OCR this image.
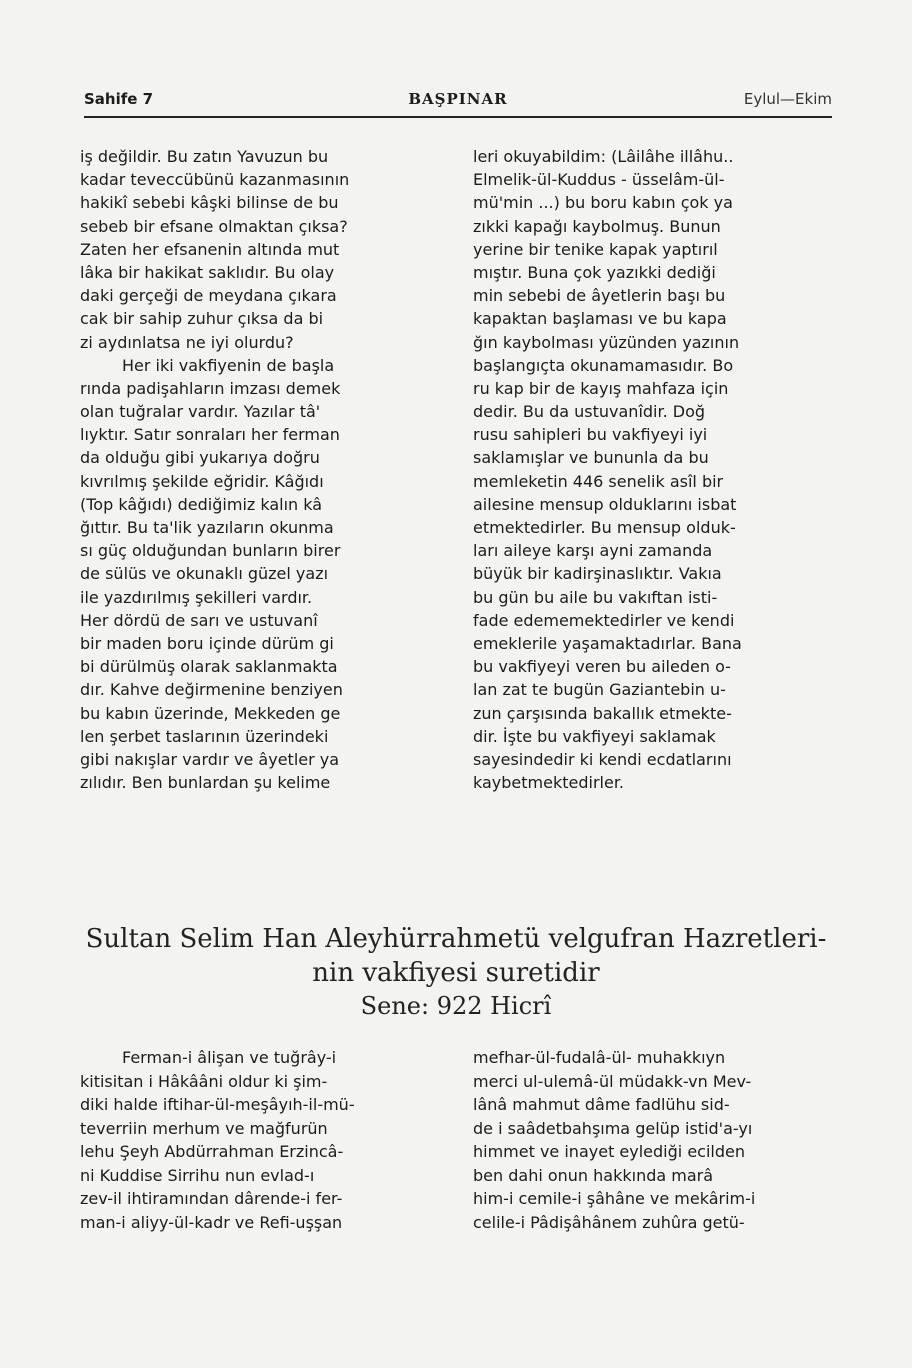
Sahife 7	BAŞPINAR	Eylul—Ekim
iş değildir. Bu zatın Yavuzun bu
kadar teveccübünü kazanmasının
hakikî sebebi kâşki bilinse de bu
sebeb bir efsane olmaktan çıksa?
Zaten her efsanenin altında mut
lâka bir hakikat saklıdır. Bu olay
daki gerçeği de meydana çıkara
cak bir sahip zuhur çıksa da bi
zi aydınlatsa ne iyi olurdu?
Her iki vakfiyenin de başla
rında padişahların imzası demek
olan tuğralar vardır. Yazılar tâ'
lıyktır. Satır sonraları her ferman
da olduğu gibi yukarıya doğru
kıvrılmış şekilde eğridir. Kâğıdı
(Top kâğıdı) dediğimiz kalın kâ
ğıttır. Bu ta'lik yazıların okunma
sı güç olduğundan bunların birer
de sülüs ve okunaklı güzel yazı
ile yazdırılmış şekilleri vardır.
Her dördü de sarı ve ustuvanî
bir maden boru içinde dürüm gi
bi dürülmüş olarak saklanmakta
dır. Kahve değirmenine benziyen
bu kabın üzerinde, Mekkeden ge
len şerbet taslarının üzerindeki
gibi nakışlar vardır ve âyetler ya
zılıdır. Ben bunlardan şu kelime
leri okuyabildim: (Lâilâhe illâhu..
Elmelik-ül-Kuddus - üsselâm-ül-
mü'min ...) bu boru kabın çok ya
zıkki kapağı kaybolmuş. Bunun
yerine bir tenike kapak yaptırıl
mıştır. Buna çok yazıkki dediği
min sebebi de âyetlerin başı bu
kapaktan başlaması ve bu kapa
ğın kaybolması yüzünden yazının
başlangıçta okunamamasıdır. Bo
ru kap bir de kayış mahfaza için
dedir. Bu da ustuvanîdir. Doğ
rusu sahipleri bu vakfiyeyi iyi
saklamışlar ve bununla da bu
memleketin 446 senelik asîl bir
ailesine mensup olduklarını isbat
etmektedirler. Bu mensup olduk-
ları aileye karşı ayni zamanda
büyük bir kadirşinaslıktır. Vakıa
bu gün bu aile bu vakıftan isti-
fade edememektedirler ve kendi
emeklerile yaşamaktadırlar. Bana
bu vakfiyeyi veren bu aileden o-
lan zat te bugün Gaziantebin u-
zun çarşısında bakallık etmekte-
dir. İşte bu vakfiyeyi saklamak
sayesindedir ki kendi ecdatlarını
kaybetmektedirler.
Sultan Selim Han Aleyhürrahmetü velgufran Hazretleri-
nin vakfiyesi suretidir
Sene: 922 Hicrî
Ferman-i âlişan ve tuğrây-i
kitisitan i Hâkââni oldur ki şim-
diki halde iftihar-ül-meşâyıh-il-mü-
teverriin merhum ve mağfurün
lehu Şeyh Abdürrahman Erzincâ-
ni Kuddise Sirrihu nun evlad-ı
zev-il ihtiramından dârende-i fer-
man-i aliyy-ül-kadr ve Refi-uşşan
mefhar-ül-fudalâ-ül- muhakkıyn
merci ul-ulemâ-ül müdakk-vn Mev-
lânâ mahmut dâme fadlühu sid-
de i saâdetbahşıma gelüp istid'a-yı
himmet ve inayet eylediği ecilden
ben dahi onun hakkında marâ
him-i cemile-i şâhâne ve mekârim-i
celile-i Pâdişâhânem zuhûra getü-
